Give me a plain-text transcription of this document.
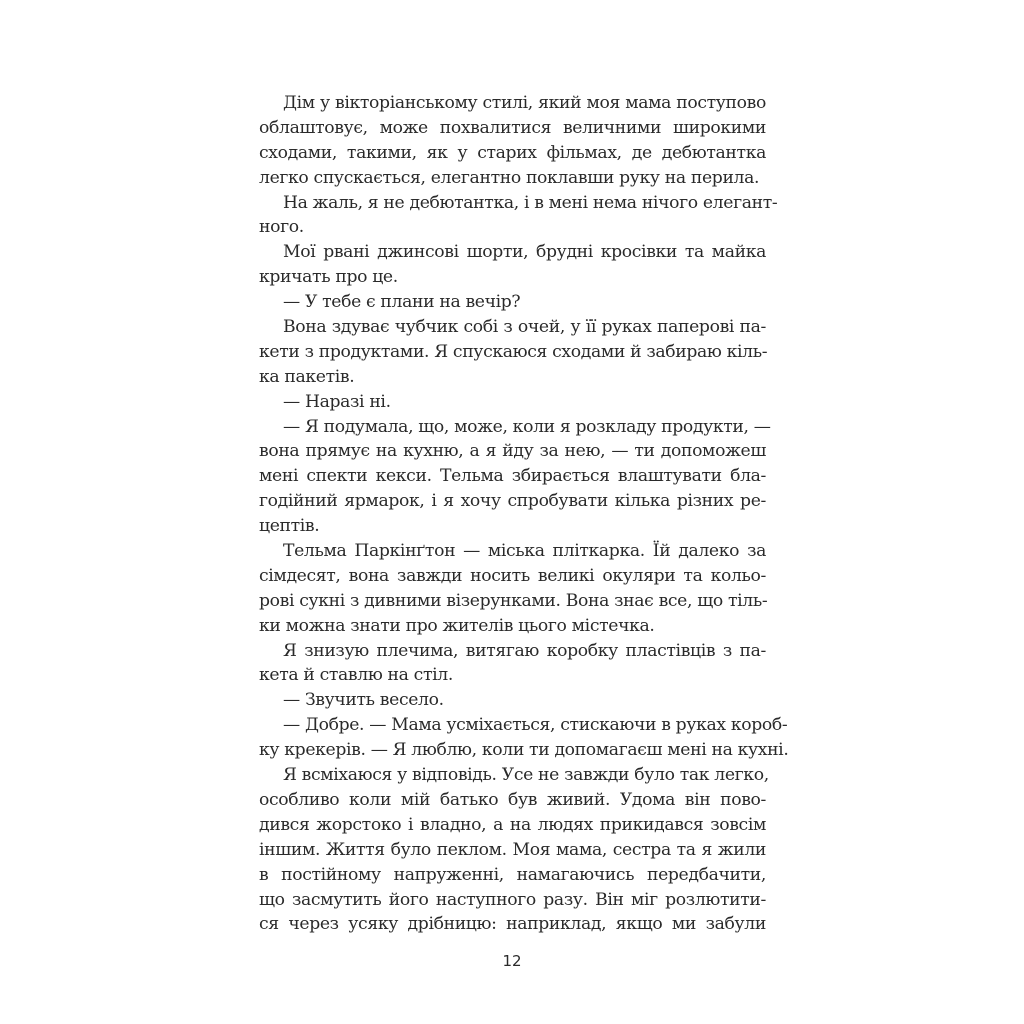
Дім у вікторіанському стилі, який моя мама поступово
облаштовує, може похвалитися величними широкими
сходами, такими, як у старих фільмах, де дебютантка
легко спускається, елегантно поклавши руку на перила.
На жаль, я не дебютантка, і в мені нема нічого елегант-
ного.
Мої рвані джинсові шорти, брудні кросівки та майка
кричать про це.
— У тебе є плани на вечір?
Вона здуває чубчик собі з очей, у її руках паперові па-
кети з продуктами. Я спускаюся сходами й забираю кіль-
ка пакетів.
— Наразі ні.
— Я подумала, що, може, коли я розкладу продукти, —
вона прямує на кухню, а я йду за нею, — ти допоможеш
мені спекти кекси. Тельма збирається влаштувати бла-
годійний ярмарок, і я хочу спробувати кілька різних ре-
цептів.
Тельма Паркінґтон — міська пліткарка. Їй далеко за
сімдесят, вона завжди носить великі окуляри та кольо-
рові сукні з дивними візерунками. Вона знає все, що тіль-
ки можна знати про жителів цього містечка.
Я знизую плечима, витягаю коробку пластівців з па-
кета й ставлю на стіл.
— Звучить весело.
— Добре. — Мама усміхається, стискаючи в руках короб-
ку крекерів. — Я люблю, коли ти допомагаєш мені на кухні.
Я всміхаюся у відповідь. Усе не завжди було так легко,
особливо коли мій батько був живий. Удома він пово-
дився жорстоко і владно, а на людях прикидався зовсім
іншим. Життя було пеклом. Моя мама, сестра та я жили
в постійному напруженні, намагаючись передбачити,
що засмутить його наступного разу. Він міг розлютити-
ся через усяку дрібницю: наприклад, якщо ми забули
12
